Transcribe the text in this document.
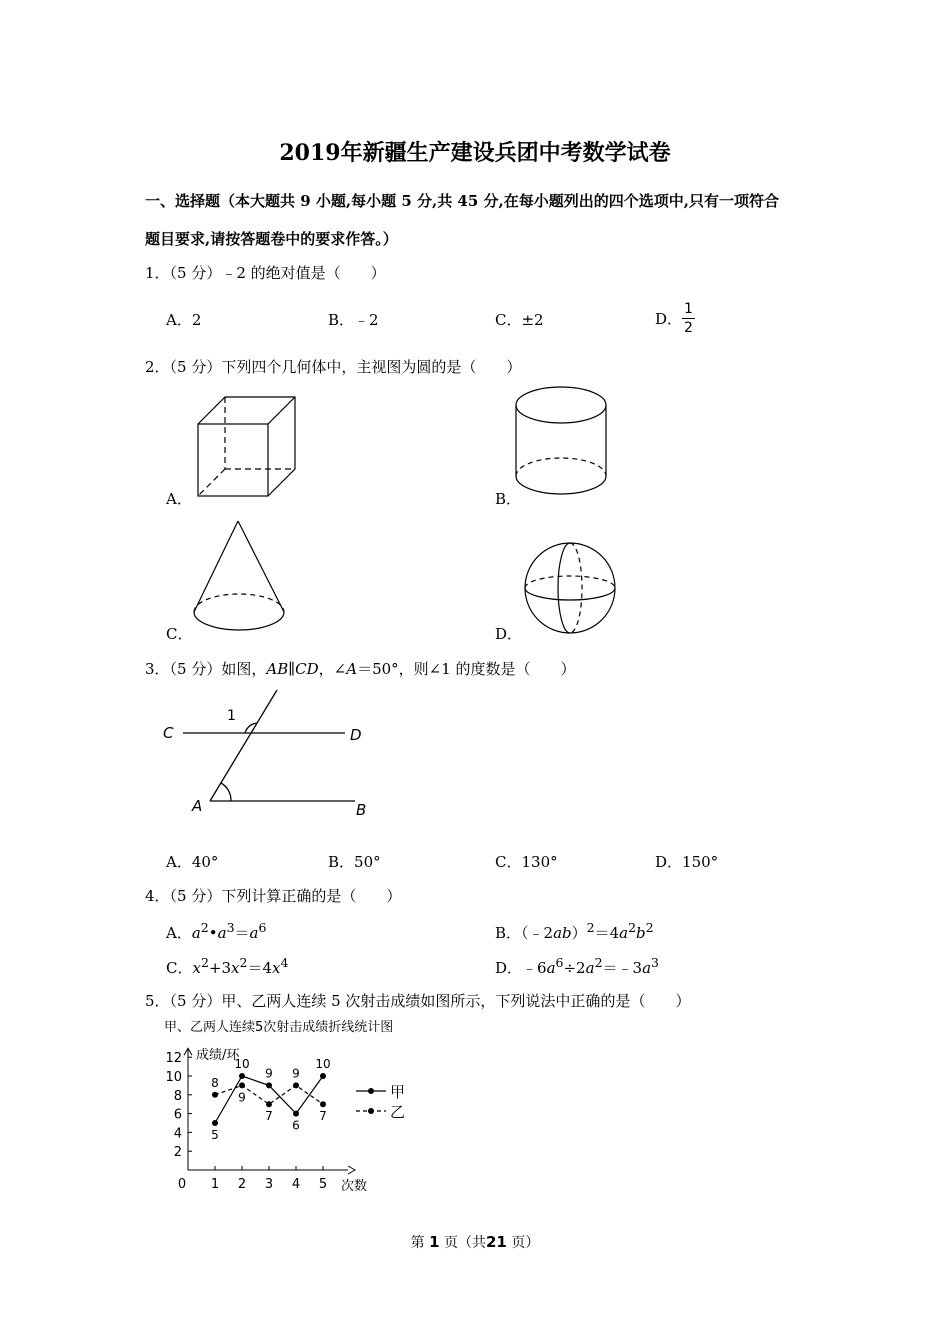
2019年新疆生产建设兵团中考数学试卷
一、选择题（本大题共 9 小题,每小题 5 分,共 45 分,在每小题列出的四个选项中,只有一项符合
题目要求,请按答题卷中的要求作答。）
1．（5 分）﹣2 的绝对值是（　　）
A．2	B．﹣2	C．±2	D． $\frac{1}{2}$
2．（5 分）下列四个几何体中，主视图为圆的是（　　）
A．	B．
C．	D．
3．（5 分）如图，AB∥CD，∠A＝50°，则∠1 的度数是（　　）
C	D
A	B
1
A．40°	B．50°	C．130°	D．150°
4．（5 分）下列计算正确的是（　　）
A．$a^2•a^3=a^6$	B．$(﹣2ab)^2=4a^2b^2$
C．$x^2+3x^2=4x^4$	D．$﹣6a^6\div 2a^2=﹣3a^3$
5．（5 分）甲、乙两人连续 5 次射击成绩如图所示，下列说法中正确的是（　　）
甲、乙两人连续5次射击成绩折线统计图
成绩/环
次数
2
4
6
8
10
12
0 1 2 3 4 5
5
10
9
6
10
8
9
7
9
7
甲
乙
第 1 页（共21 页）
